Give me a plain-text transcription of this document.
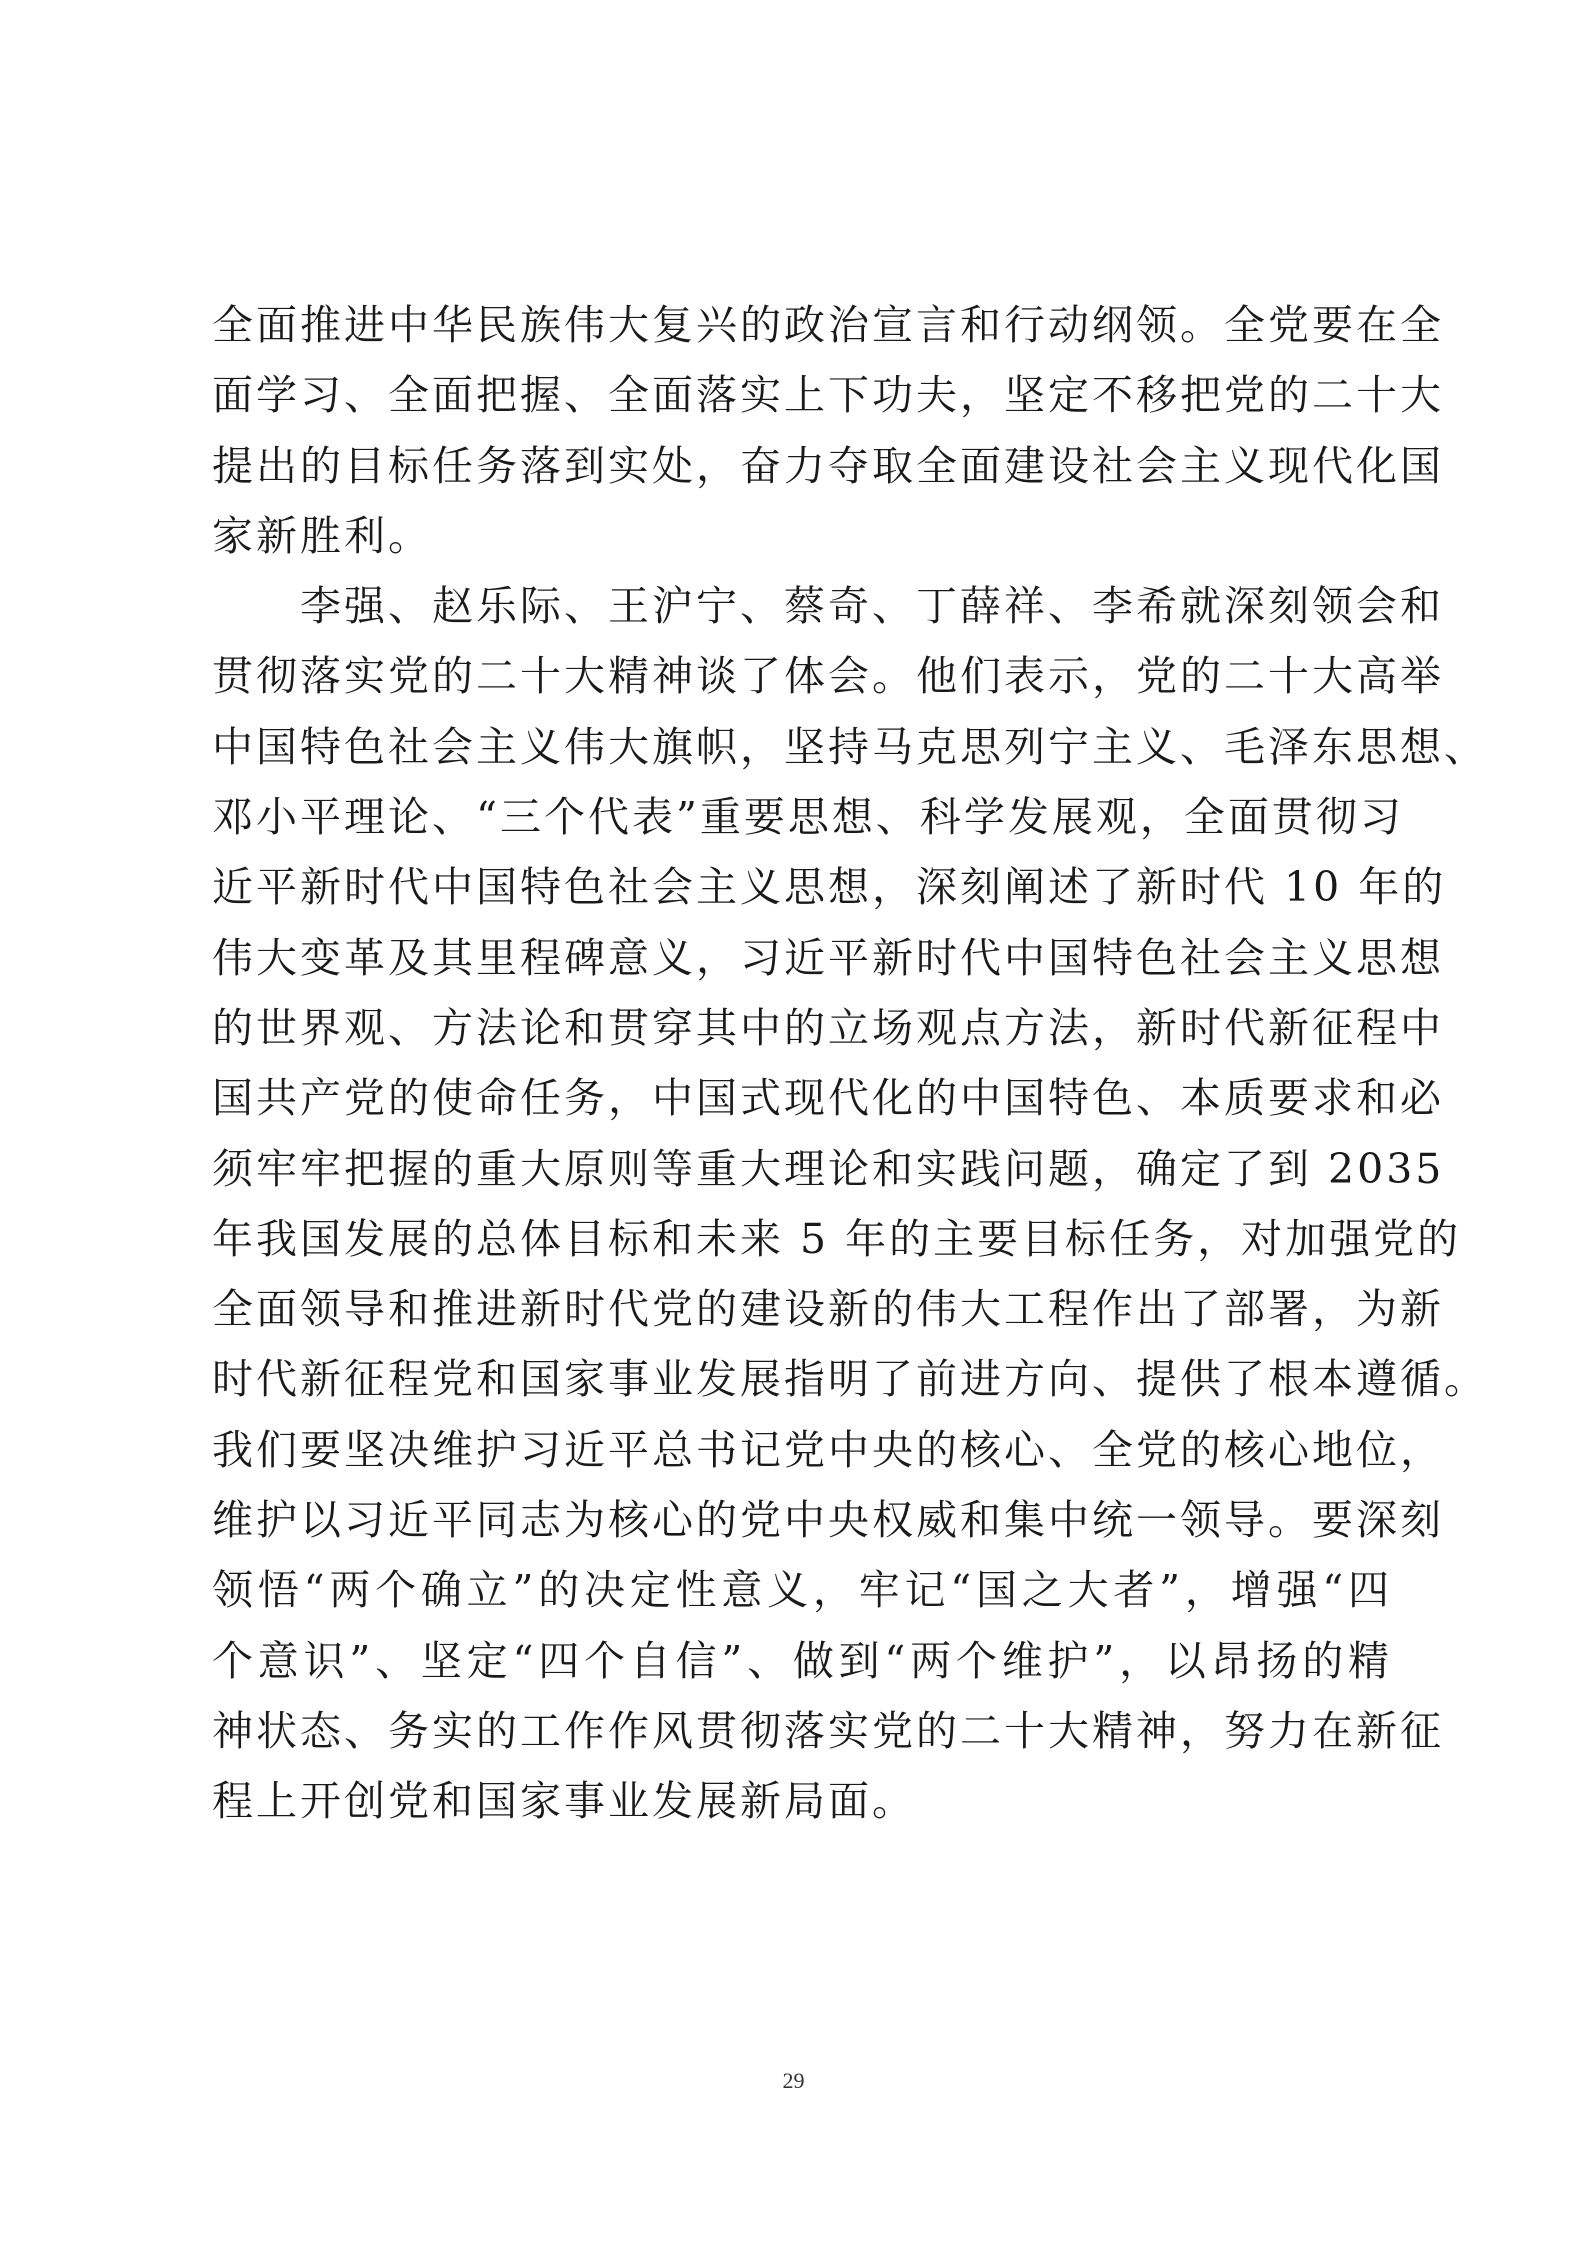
全面推进中华民族伟大复兴的政治宣言和行动纲领。全党要在全
面学习、全面把握、全面落实上下功夫，坚定不移把党的二十大
提出的目标任务落到实处，奋力夺取全面建设社会主义现代化国
家新胜利。
李强、赵乐际、王沪宁、蔡奇、丁薛祥、李希就深刻领会和
贯彻落实党的二十大精神谈了体会。他们表示，党的二十大高举
中国特色社会主义伟大旗帜，坚持马克思列宁主义、毛泽东思想、
邓小平理论、“三个代表”重要思想、科学发展观，全面贯彻习
近平新时代中国特色社会主义思想，深刻阐述了新时代 10 年的
伟大变革及其里程碑意义，习近平新时代中国特色社会主义思想
的世界观、方法论和贯穿其中的立场观点方法，新时代新征程中
国共产党的使命任务，中国式现代化的中国特色、本质要求和必
须牢牢把握的重大原则等重大理论和实践问题，确定了到 2035
年我国发展的总体目标和未来 5 年的主要目标任务，对加强党的
全面领导和推进新时代党的建设新的伟大工程作出了部署，为新
时代新征程党和国家事业发展指明了前进方向、提供了根本遵循。
我们要坚决维护习近平总书记党中央的核心、全党的核心地位，
维护以习近平同志为核心的党中央权威和集中统一领导。要深刻
领悟“两个确立”的决定性意义，牢记“国之大者”，增强“四
个意识”、坚定“四个自信”、做到“两个维护”，以昂扬的精
神状态、务实的工作作风贯彻落实党的二十大精神，努力在新征
程上开创党和国家事业发展新局面。
29
